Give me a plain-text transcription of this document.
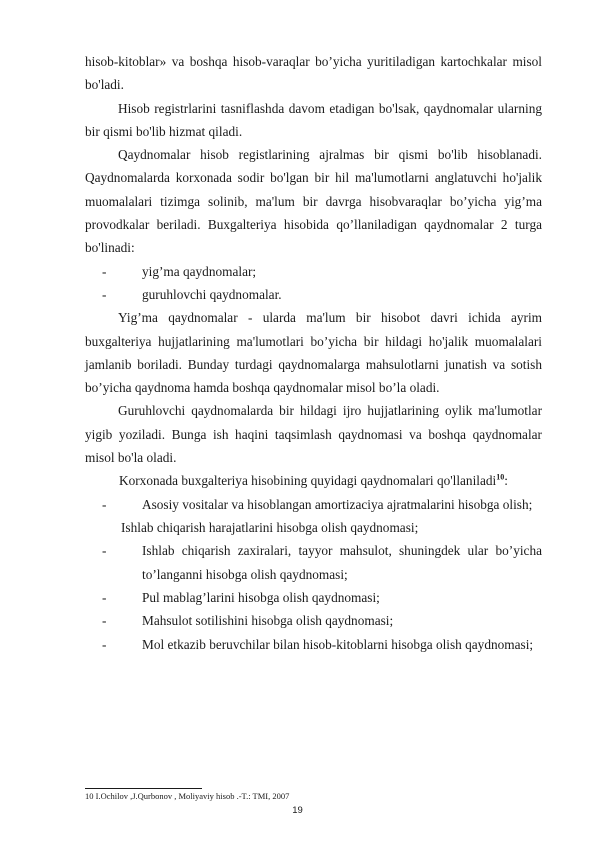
hisob-kitoblar» va boshqa hisob-varaqlar bo’yicha yuritiladigan kartochkalar misol bo'ladi.

Hisob registrlarini tasniflashda davom etadigan bo'lsak, qaydnomalar ularning bir qismi bo'lib hizmat qiladi.

Qaydnomalar hisob registlarining ajralmas bir qismi bo'lib hisoblanadi. Qaydnomalarda korxonada sodir bo'lgan bir hil ma'lumotlarni anglatuvchi ho'jalik muomalalari tizimga solinib, ma'lum bir davrga hisobvaraqlar bo’yicha yig’ma provodkalar beriladi. Buxgalteriya hisobida qo’llaniladigan qaydnomalar 2 turga bo'linadi:

-	yig’ma qaydnomalar;
-	guruhlovchi qaydnomalar.

Yig’ma qaydnomalar - ularda ma'lum bir hisobot davri ichida ayrim buxgalteriya hujjatlarining ma'lumotlari bo’yicha bir hildagi ho'jalik muomalalari jamlanib boriladi. Bunday turdagi qaydnomalarga mahsulotlarni junatish va sotish bo’yicha qaydnoma hamda boshqa qaydnomalar misol bo’la oladi.

Guruhlovchi qaydnomalarda bir hildagi ijro hujjatlarining oylik ma'lumotlar yigib yoziladi. Bunga ish haqini taqsimlash qaydnomasi va boshqa qaydnomalar misol bo'la oladi.

Korxonada buxgalteriya hisobining quyidagi qaydnomalari qo'llaniladi$^{10}$:

-	Asosiy vositalar va hisoblangan amortizaciya ajratmalarini hisobga olish;
Ishlab chiqarish harajatlarini hisobga olish qaydnomasi;
-	Ishlab chiqarish zaxiralari, tayyor mahsulot, shuningdek ular bo’yicha to’langanni hisobga olish qaydnomasi;
-	Pul mablag’larini hisobga olish qaydnomasi;
-	Mahsulot sotilishini hisobga olish qaydnomasi;
-	Mol etkazib beruvchilar bilan hisob-kitoblarni hisobga olish qaydnomasi;
10 I.Ochilov ,J.Qurbonov , Moliyaviy hisob .-T.: TMI, 2007
19
